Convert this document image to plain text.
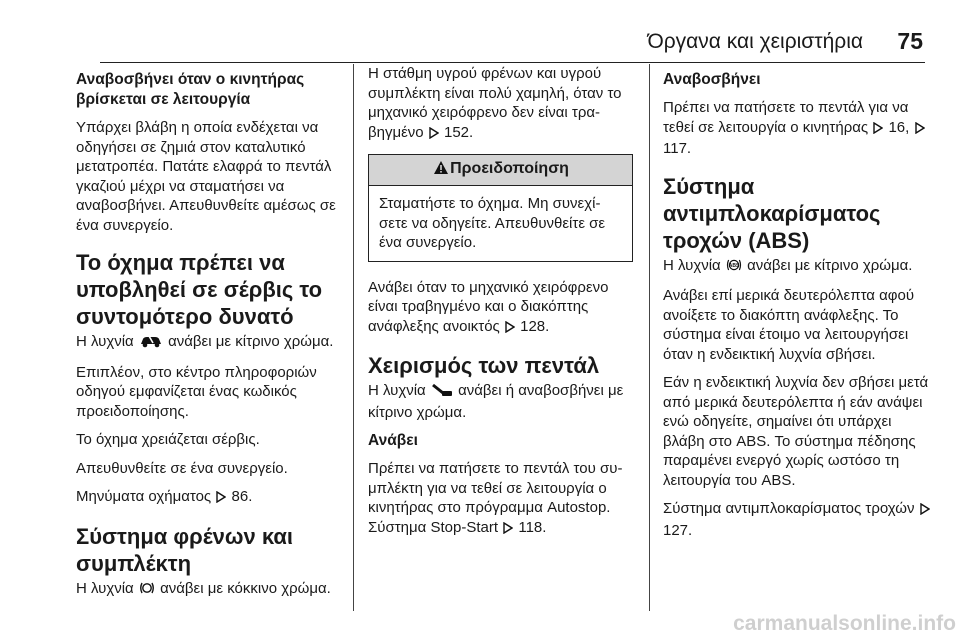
Όργανα και χειριστήρια 75
Αναβοσβήνει όταν ο κινητήρας βρίσκεται σε λειτουργία
Υπάρχει βλάβη η οποία ενδέχεται να οδηγήσει σε ζημιά στον καταλυτικό μετατροπέα. Πατάτε ελαφρά το πεντάλ γκαζιού μέχρι να σταματήσει να αναβοσβήνει. Απευθυνθείτε αμέσως σε ένα συνεργείο.
Το όχημα πρέπει να υποβληθεί σε σέρβις το συντομότερο δυνατό
Η λυχνία ανάβει με κίτρινο χρώμα.
Επιπλέον, στο κέντρο πληροφοριών οδηγού εμφανίζεται ένας κωδικός προειδοποίησης.
Το όχημα χρειάζεται σέρβις.
Απευθυνθείτε σε ένα συνεργείο.
Μηνύματα οχήματος 86.
Σύστημα φρένων και συμπλέκτη
Η λυχνία ανάβει με κόκκινο χρώμα.
Η στάθμη υγρού φρένων και υγρού συμπλέκτη είναι πολύ χαμηλή, όταν το μηχανικό χειρόφρενο δεν είναι τραβηγμένο 152.
Προειδοποίηση
Σταματήστε το όχημα. Μη συνεχίσετε να οδηγείτε. Απευθυνθείτε σε ένα συνεργείο.
Ανάβει όταν το μηχανικό χειρόφρενο είναι τραβηγμένο και ο διακόπτης ανάφλεξης ανοικτός 128.
Χειρισμός των πεντάλ
Η λυχνία ανάβει ή αναβοσβήνει με κίτρινο χρώμα.
Ανάβει
Πρέπει να πατήσετε το πεντάλ του συμπλέκτη για να τεθεί σε λειτουργία ο κινητήρας στο πρόγραμμα Autostop. Σύστημα Stop-Start 118.
Αναβοσβήνει
Πρέπει να πατήσετε το πεντάλ για να τεθεί σε λειτουργία ο κινητήρας 16,  117.
Σύστημα αντιμπλοκαρίσματος τροχών (ABS)
Η λυχνία ABS ανάβει με κίτρινο χρώμα.
Ανάβει επί μερικά δευτερόλεπτα αφού ανοίξετε το διακόπτη ανάφλεξης. Το σύστημα είναι έτοιμο να λειτουργήσει όταν η ενδεικτική λυχνία σβήσει.
Εάν η ενδεικτική λυχνία δεν σβήσει μετά από μερικά δευτερόλεπτα ή εάν ανάψει ενώ οδηγείτε, σημαίνει ότι υπάρχει βλάβη στο ABS. Το σύστημα πέδησης παραμένει ενεργό χωρίς ωστόσο τη λειτουργία του ABS.
Σύστημα αντιμπλοκαρίσματος τροχών  127.
carmanualsonline.info
